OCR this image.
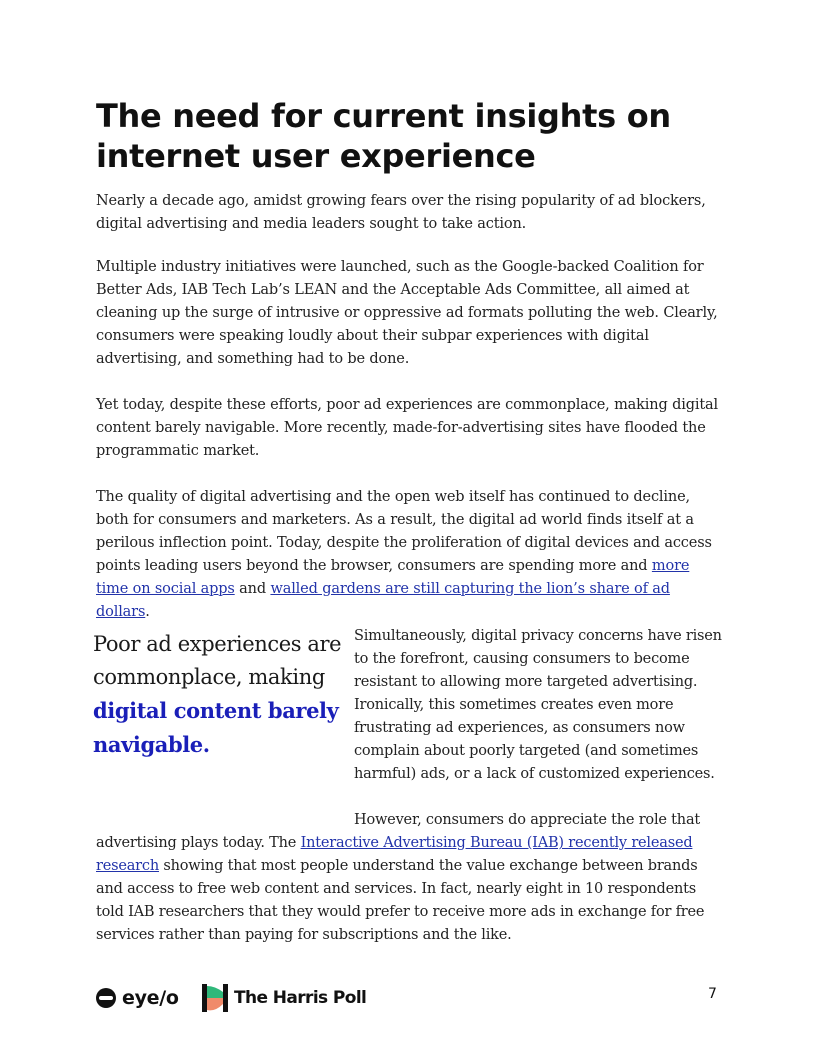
The need for current insights on internet user experience

Nearly a decade ago, amidst growing fears over the rising popularity of ad blockers, digital advertising and media leaders sought to take action.

Multiple industry initiatives were launched, such as the Google-backed Coalition for Better Ads, IAB Tech Lab’s LEAN and the Acceptable Ads Committee, all aimed at cleaning up the surge of intrusive or oppressive ad formats polluting the web. Clearly, consumers were speaking loudly about their subpar experiences with digital advertising, and something had to be done.

Yet today, despite these efforts, poor ad experiences are commonplace, making digital content barely navigable. More recently, made-for-advertising sites have flooded the programmatic market.

The quality of digital advertising and the open web itself has continued to decline, both for consumers and marketers. As a result, the digital ad world finds itself at a perilous inflection point. Today, despite the proliferation of digital devices and access points leading users beyond the browser, consumers are spending more and more time on social apps and walled gardens are still capturing the lion’s share of ad dollars.

Poor ad experiences are commonplace, making digital content barely navigable.

Simultaneously, digital privacy concerns have risen to the forefront, causing consumers to become resistant to allowing more targeted advertising. Ironically, this sometimes creates even more frustrating ad experiences, as consumers now complain about poorly targeted (and sometimes harmful) ads, or a lack of customized experiences.

However, consumers do appreciate the role that

advertising plays today. The Interactive Advertising Bureau (IAB) recently released research showing that most people understand the value exchange between brands and access to free web content and services. In fact, nearly eight in 10 respondents told IAB researchers that they would prefer to receive more ads in exchange for free services rather than paying for subscriptions and the like.

eye/o	The Harris Poll	7
